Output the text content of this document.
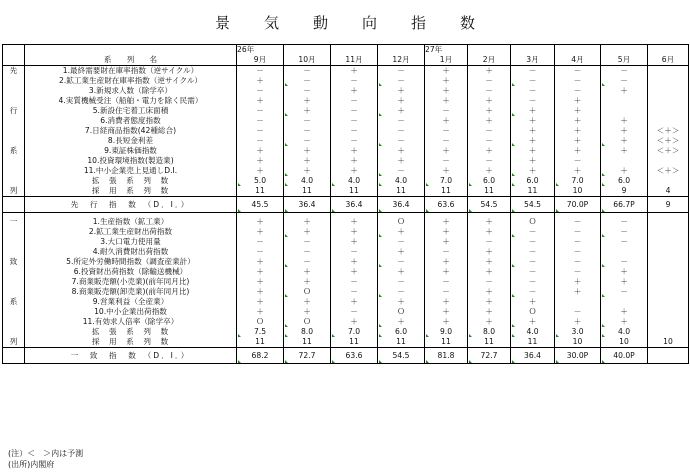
景 気 動 向 指 数
		26年				27年					
	系　　列　　名	9月	10月	11月	12月	1月	2月	3月	4月	5月	6月
先	1.最終需要財在庫率指数（逆サイクル）	－	－	＋	－	＋	＋	－	－	－	
	2.鉱工業生産財在庫率指数（逆サイクル）	＋	－	－	－	＋	－	－	－	－

	3.新規求人数（除学卒）	－	－	＋	＋	＋	－	－	－	＋	
	4.実質機械受注（船舶・電力を除く民需）	＋	＋	－	＋	＋	＋	－	＋		
行	5.新設住宅着工床面積	－	＋	－	＋	－	＋	＋	＋		
	6.消費者態度指数	－	－	－	－	＋	＋	＋	＋	＋	
	7.日経商品指数(42種総合)	－	－	－	－	－	－	＋	＋	＋	＜＋＞
	8.長短金利差	－	－	－	－	－	－	＋	＋	＋	＜＋＞
系	9.東証株価指数	＋	＋	＋	＋	＋	＋	＋	＋	＋	＜＋＞
	10.投資環境指数(製造業)	＋	＋	＋	＋	－	－	＋	－		
	11.中小企業売上見通しD.I.	＋	＋	＋	－	＋	＋	＋	＋	＋	＜＋＞
	拡　張　系　列　数	5.0	4.0	4.0	4.0	7.0	6.0	6.0	7.0	6.0

列	採　用　系　列　数	11	11	11	11	11	11	11	10	9	4
	先　行　指　数　（D．I．）	45.5	36.4	36.4	36.4	63.6	54.5	54.5	70.0P	66.7P	9

一	1.生産指数（鉱工業）	＋	＋	＋	Ｏ	＋	＋	Ｏ	－	－	
	2.鉱工業生産財出荷指数	＋	＋	＋	＋	＋	＋	－	－	－

	3.大口電力使用量	－	－	＋	－	＋	－	－	－	－	
	4.耐久消費財出荷指数	－	－	－	＋	－	＋	－	－		
致	5.所定外労働時間指数（調査産業計）	＋	－	＋	－	＋	＋	－	－	－

	6.投資財出荷指数（除輸送機械）	＋	＋	＋	＋	＋	＋	－	－	＋	
	7.商業販売額(小売業)(前年同月比)	＋	＋	－	－	－	－	－	＋	＋	
	8.商業販売額(卸売業)(前年同月比)	＋	Ｏ	－	－	－	＋	－	＋	－

系	9.営業利益（全産業）	＋	＋	＋	＋	＋	＋	＋			
	10.中小企業出荷指数	＋	＋	－	Ｏ	＋	＋	Ｏ	－	＋	
	11.有効求人倍率（除学卒）	Ｏ	Ｏ	＋	＋	＋	＋	＋	＋	＋

	拡　張　系　列　数	7.5	8.0	7.0	6.0	9.0	8.0	4.0	3.0	4.0

列	採　用　系　列　数	11	11	11	11	11	11	11	10	10	10
	一　致　指　数　（D．I．）	68.2	72.7	63.6	54.5	81.8	72.7	36.4	30.0P	40.0P

(注）＜　＞内は予測
(出所)内閣府
